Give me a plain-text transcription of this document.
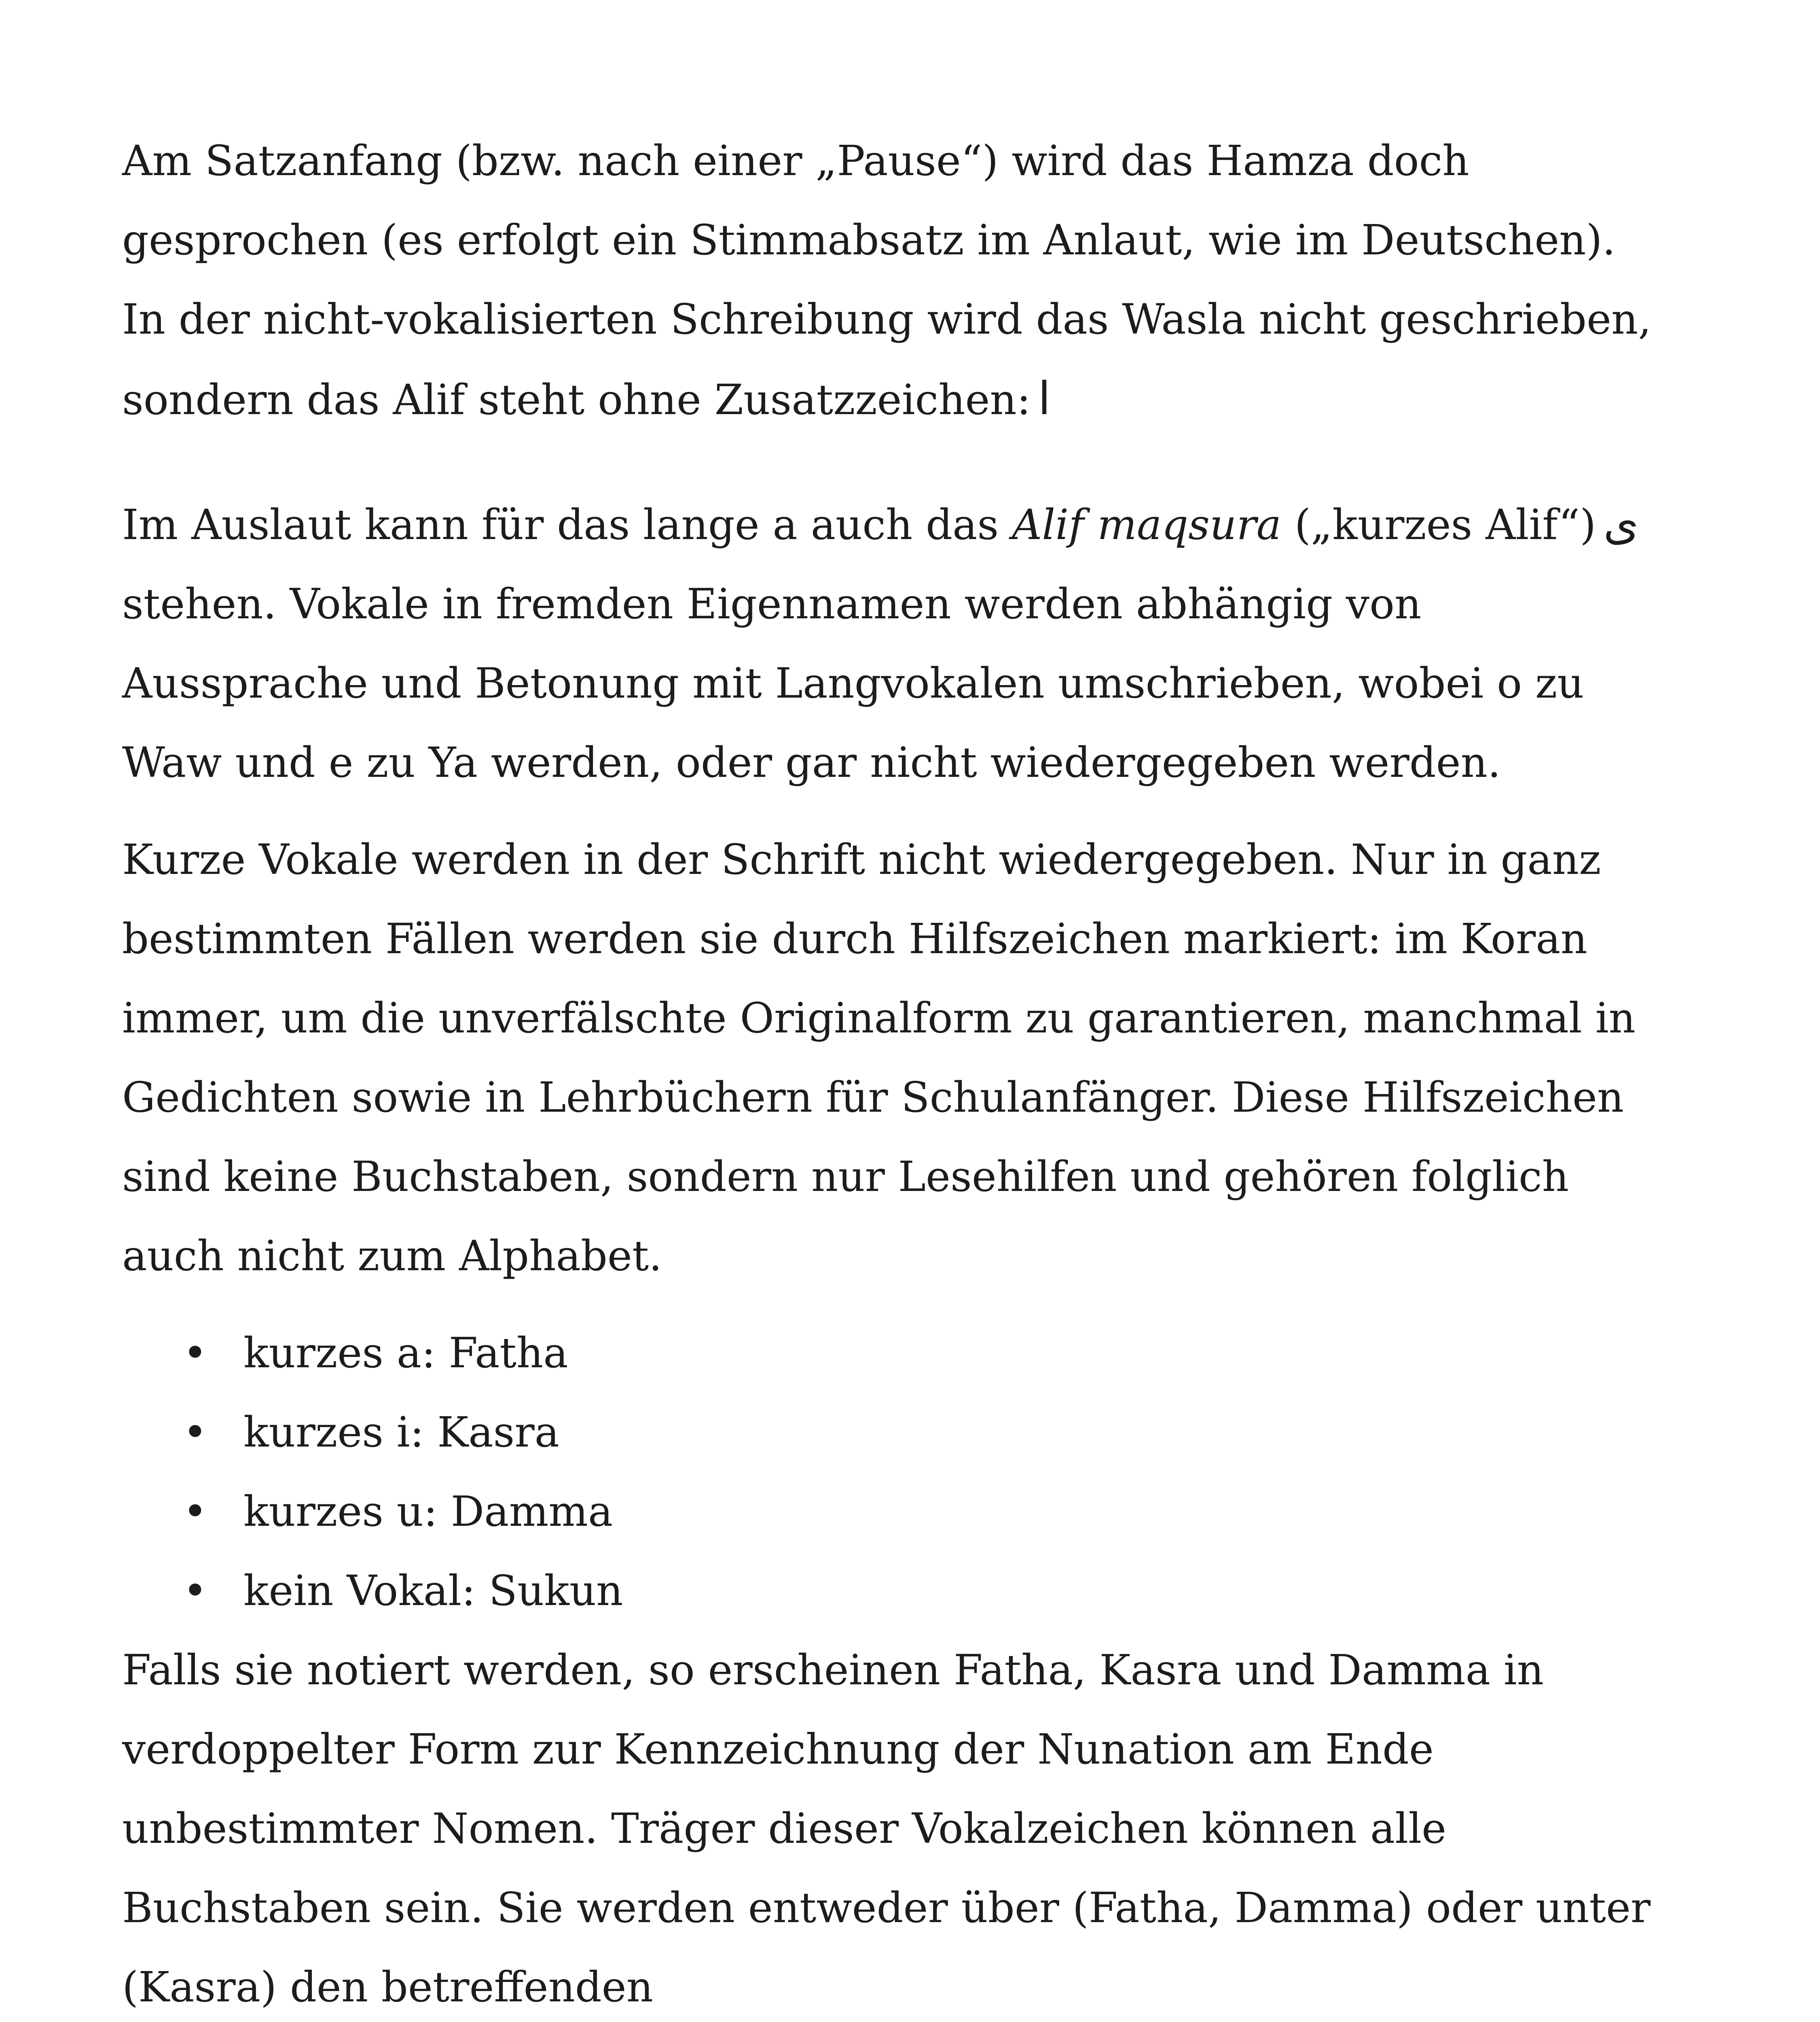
Am Satzanfang (bzw. nach einer „Pause“) wird das Hamza doch gesprochen (es erfolgt ein Stimmabsatz im Anlaut, wie im Deutschen). In der nicht-vokalisierten Schreibung wird das Wasla nicht geschrieben, sondern das Alif steht ohne Zusatzzeichen: ا

Im Auslaut kann für das lange a auch das Alif maqsura („kurzes Alif“) ى stehen. Vokale in fremden Eigennamen werden abhängig von Aussprache und Betonung mit Langvokalen umschrieben, wobei o zu Waw und e zu Ya werden, oder gar nicht wiedergegeben werden.

Kurze Vokale werden in der Schrift nicht wiedergegeben. Nur in ganz bestimmten Fällen werden sie durch Hilfszeichen markiert: im Koran immer, um die unverfälschte Originalform zu garantieren, manchmal in Gedichten sowie in Lehrbüchern für Schulanfänger. Diese Hilfszeichen sind keine Buchstaben, sondern nur Lesehilfen und gehören folglich auch nicht zum Alphabet.

• kurzes a: Fatha
• kurzes i: Kasra
• kurzes u: Damma
• kein Vokal: Sukun

Falls sie notiert werden, so erscheinen Fatha, Kasra und Damma in verdoppelter Form zur Kennzeichnung der Nunation am Ende unbestimmter Nomen. Träger dieser Vokalzeichen können alle Buchstaben sein. Sie werden entweder über (Fatha, Damma) oder unter (Kasra) den betreffenden
